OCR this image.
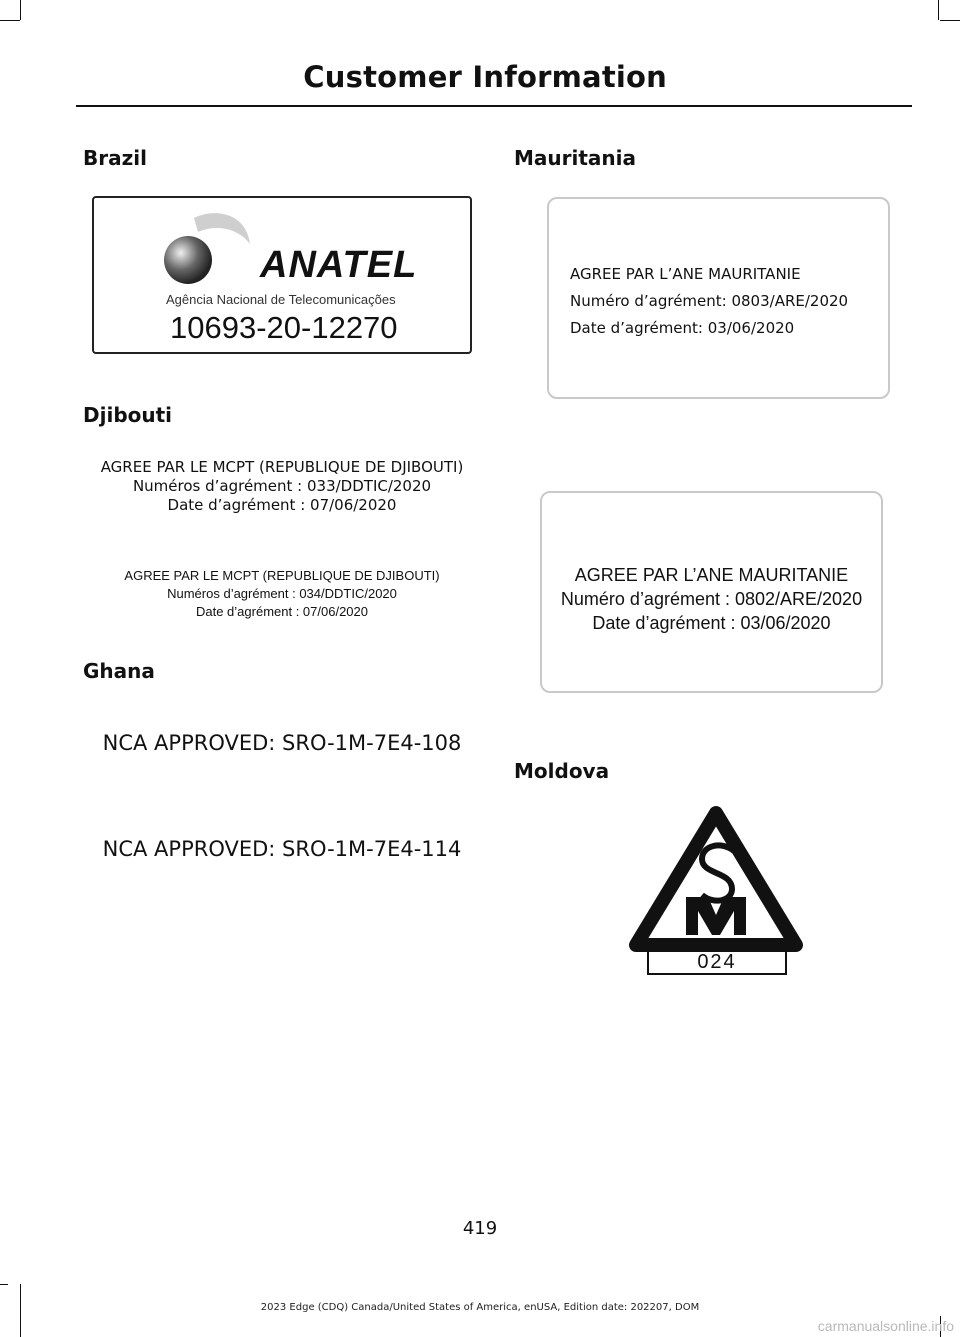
Customer Information
Brazil
ANATEL
Agência Nacional de Telecomunicações
10693-20-12270
Djibouti
AGREE PAR LE MCPT (REPUBLIQUE DE DJIBOUTI)
Numéros d’agrément : 033/DDTIC/2020
Date d’agrément : 07/06/2020
AGREE PAR LE MCPT (REPUBLIQUE DE DJIBOUTI)
Numéros d’agrément : 034/DDTIC/2020
Date d’agrément : 07/06/2020
Ghana
NCA APPROVED: SRO-1M-7E4-108
NCA APPROVED: SRO-1M-7E4-114
Mauritania
AGREE PAR L’ANE MAURITANIE
Numéro d’agrément: 0803/ARE/2020
Date d’agrément: 03/06/2020
AGREE PAR L’ANE MAURITANIE
Numéro d’agrément : 0802/ARE/2020
Date d’agrément : 03/06/2020
Moldova
024
419
2023 Edge (CDQ) Canada/United States of America, enUSA, Edition date: 202207, DOM
carmanualsonline.info
